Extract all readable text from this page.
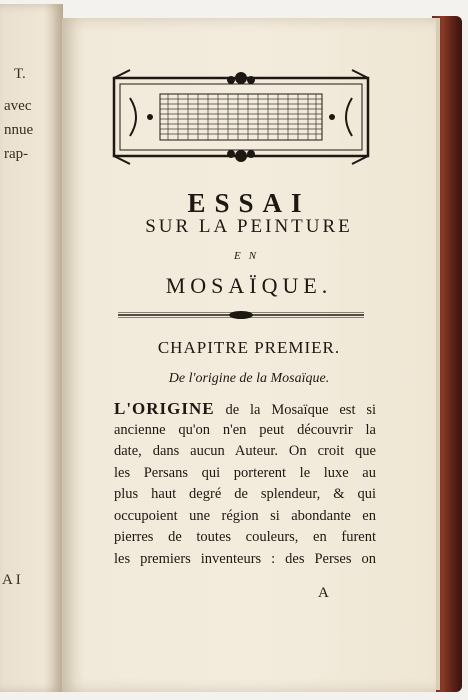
T.
avec
nnue
rap-
A I
ESSAI
SUR LA PEINTURE
EN
MOSAÏQUE.
CHAPITRE PREMIER.
De l'origine de la Mosaïque.
L'ORIGINE de la Mosaïque est si
ancienne qu'on n'en peut découvrir la
date, dans aucun Auteur. On croit que
les Persans qui porterent le luxe au
plus haut degré de splendeur, & qui
occupoient une région si abondante en
pierres de toutes couleurs, en furent
les premiers inventeurs : des Perses on
A
